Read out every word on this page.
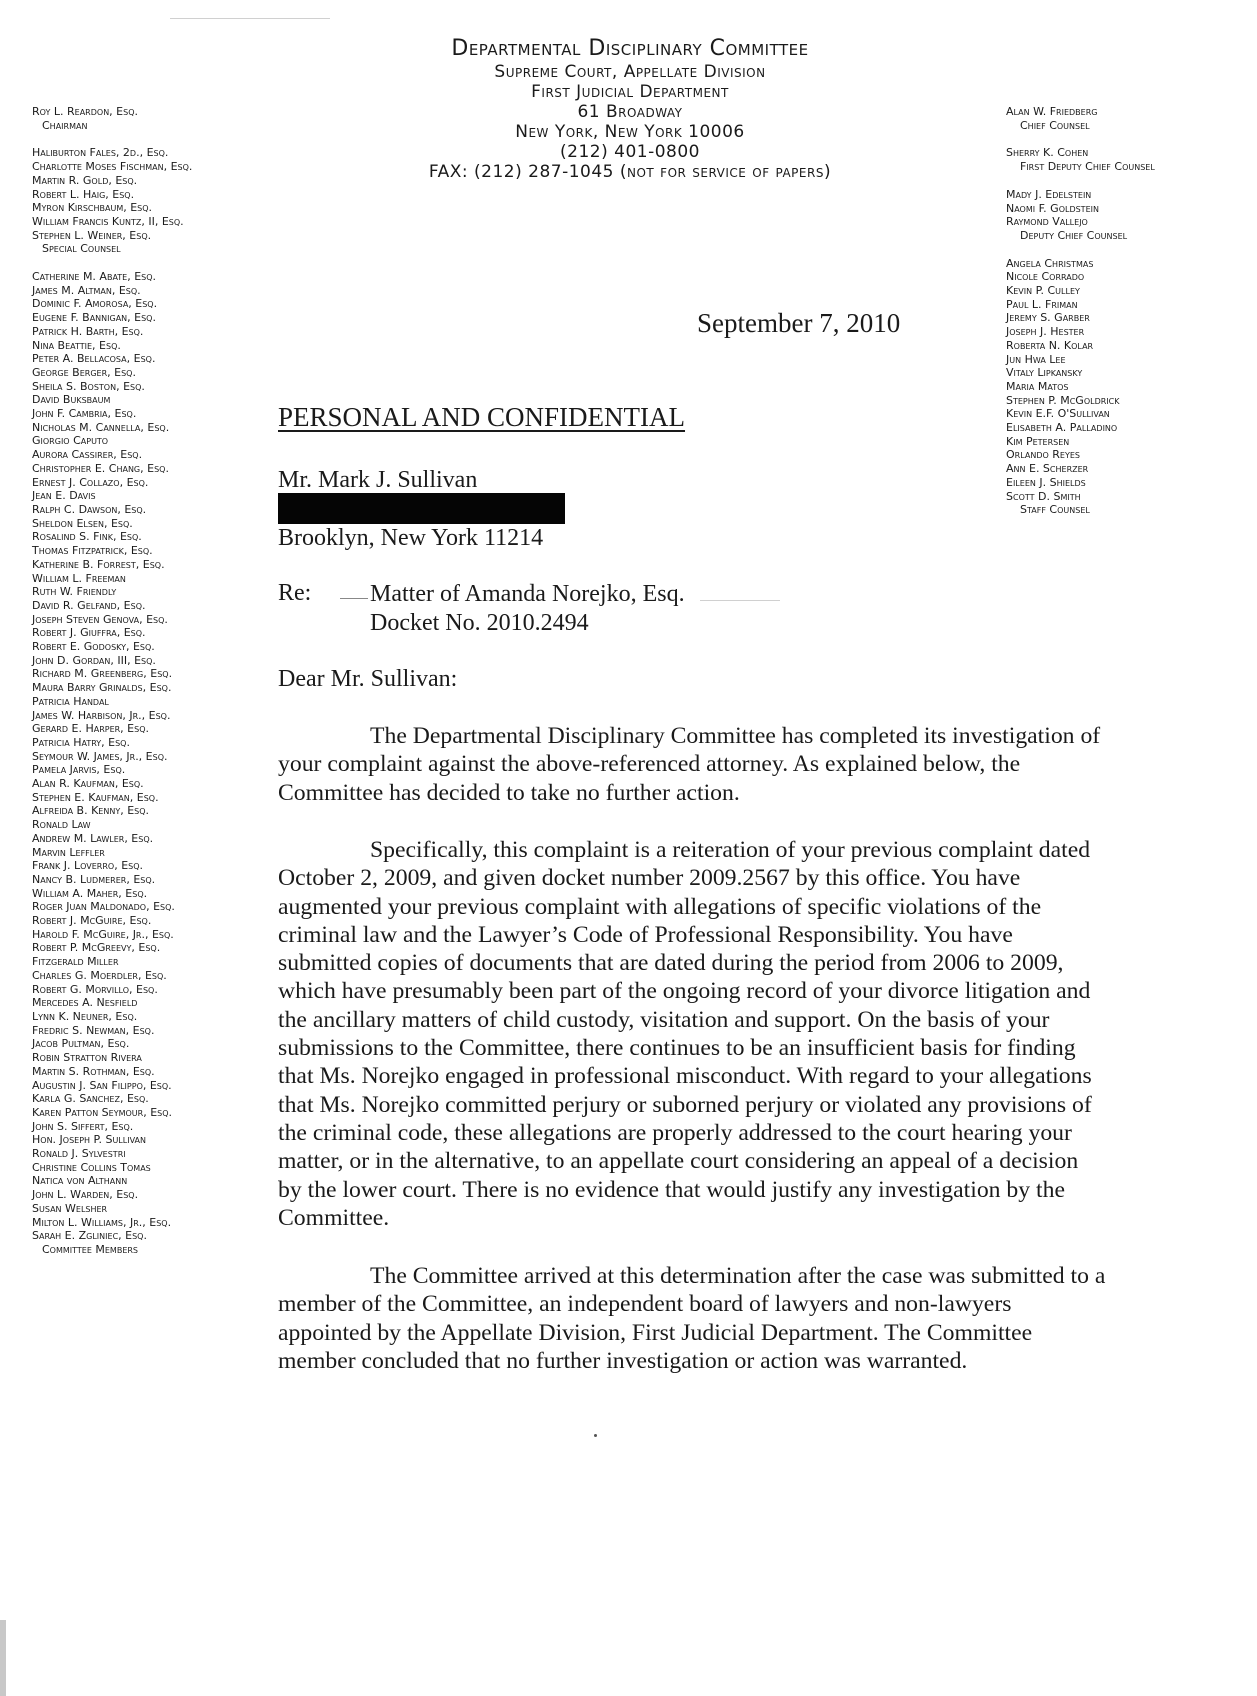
Departmental Disciplinary Committee
Supreme Court, Appellate Division
First Judicial Department
61 Broadway
New York, New York 10006
(212) 401-0800
FAX: (212) 287-1045 (not for service of papers)
Roy L. Reardon, Esq.
Chairman
Haliburton Fales, 2d., Esq.
Charlotte Moses Fischman, Esq.
Martin R. Gold, Esq.
Robert L. Haig, Esq.
Myron Kirschbaum, Esq.
William Francis Kuntz, II, Esq.
Stephen L. Weiner, Esq.
Special Counsel
Catherine M. Abate, Esq.
James M. Altman, Esq.
Dominic F. Amorosa, Esq.
Eugene F. Bannigan, Esq.
Patrick H. Barth, Esq.
Nina Beattie, Esq.
Peter A. Bellacosa, Esq.
George Berger, Esq.
Sheila S. Boston, Esq.
David Buksbaum
John F. Cambria, Esq.
Nicholas M. Cannella, Esq.
Giorgio Caputo
Aurora Cassirer, Esq.
Christopher E. Chang, Esq.
Ernest J. Collazo, Esq.
Jean E. Davis
Ralph C. Dawson, Esq.
Sheldon Elsen, Esq.
Rosalind S. Fink, Esq.
Thomas Fitzpatrick, Esq.
Katherine B. Forrest, Esq.
William L. Freeman
Ruth W. Friendly
David R. Gelfand, Esq.
Joseph Steven Genova, Esq.
Robert J. Giuffra, Esq.
Robert E. Godosky, Esq.
John D. Gordan, III, Esq.
Richard M. Greenberg, Esq.
Maura Barry Grinalds, Esq.
Patricia Handal
James W. Harbison, Jr., Esq.
Gerard E. Harper, Esq.
Patricia Hatry, Esq.
Seymour W. James, Jr., Esq.
Pamela Jarvis, Esq.
Alan R. Kaufman, Esq.
Stephen E. Kaufman, Esq.
Alfreida B. Kenny, Esq.
Ronald Law
Andrew M. Lawler, Esq.
Marvin Leffler
Frank J. Loverro, Esq.
Nancy B. Ludmerer, Esq.
William A. Maher, Esq.
Roger Juan Maldonado, Esq.
Robert J. McGuire, Esq.
Harold F. McGuire, Jr., Esq.
Robert P. McGreevy, Esq.
Fitzgerald Miller
Charles G. Moerdler, Esq.
Robert G. Morvillo, Esq.
Mercedes A. Nesfield
Lynn K. Neuner, Esq.
Fredric S. Newman, Esq.
Jacob Pultman, Esq.
Robin Stratton Rivera
Martin S. Rothman, Esq.
Augustin J. San Filippo, Esq.
Karla G. Sanchez, Esq.
Karen Patton Seymour, Esq.
John S. Siffert, Esq.
Hon. Joseph P. Sullivan
Ronald J. Sylvestri
Christine Collins Tomas
Natica von Althann
John L. Warden, Esq.
Susan Welsher
Milton L. Williams, Jr., Esq.
Sarah E. Zgliniec, Esq.
Committee Members
Alan W. Friedberg
Chief Counsel
Sherry K. Cohen
First Deputy Chief Counsel
Mady J. Edelstein
Naomi F. Goldstein
Raymond Vallejo
Deputy Chief Counsel
Angela Christmas
Nicole Corrado
Kevin P. Culley
Paul L. Friman
Jeremy S. Garber
Joseph J. Hester
Roberta N. Kolar
Jun Hwa Lee
Vitaly Lipkansky
Maria Matos
Stephen P. McGoldrick
Kevin E.F. O'Sullivan
Elisabeth A. Palladino
Kim Petersen
Orlando Reyes
Ann E. Scherzer
Eileen J. Shields
Scott D. Smith
Staff Counsel
September 7, 2010
PERSONAL AND CONFIDENTIAL
Mr. Mark J. Sullivan
Brooklyn, New York 11214
Re: Matter of Amanda Norejko, Esq.
Docket No. 2010.2494
Dear Mr. Sullivan:
The Departmental Disciplinary Committee has completed its investigation of
your complaint against the above-referenced attorney. As explained below, the
Committee has decided to take no further action.
Specifically, this complaint is a reiteration of your previous complaint dated
October 2, 2009, and given docket number 2009.2567 by this office. You have
augmented your previous complaint with allegations of specific violations of the
criminal law and the Lawyer’s Code of Professional Responsibility. You have
submitted copies of documents that are dated during the period from 2006 to 2009,
which have presumably been part of the ongoing record of your divorce litigation and
the ancillary matters of child custody, visitation and support. On the basis of your
submissions to the Committee, there continues to be an insufficient basis for finding
that Ms. Norejko engaged in professional misconduct. With regard to your allegations
that Ms. Norejko committed perjury or suborned perjury or violated any provisions of
the criminal code, these allegations are properly addressed to the court hearing your
matter, or in the alternative, to an appellate court considering an appeal of a decision
by the lower court. There is no evidence that would justify any investigation by the
Committee.
The Committee arrived at this determination after the case was submitted to a
member of the Committee, an independent board of lawyers and non-lawyers
appointed by the Appellate Division, First Judicial Department. The Committee
member concluded that no further investigation or action was warranted.
